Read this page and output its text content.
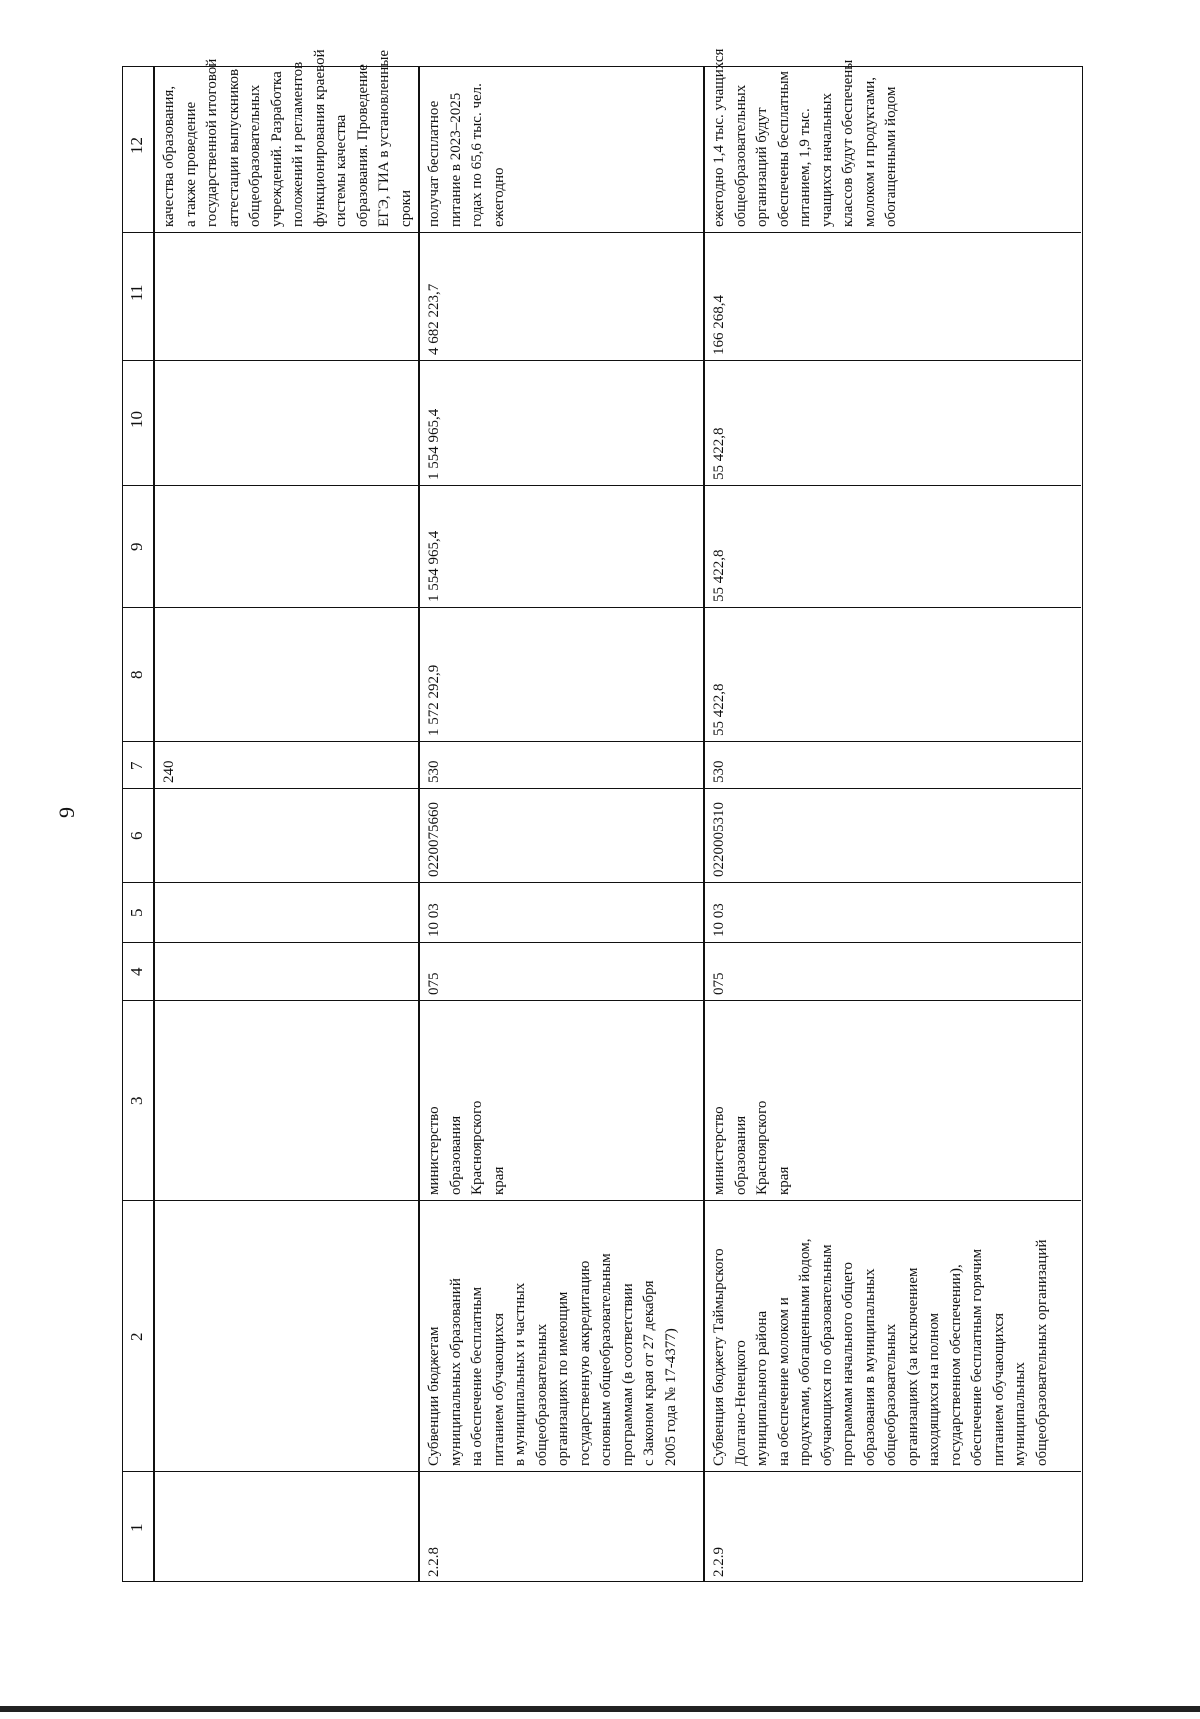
9
1
2
3
4
5
6
7
8
9
10
11
12
240
качества образования,
а также проведение
государственной итоговой
аттестации выпускников
общеобразовательных
учреждений. Разработка
положений и регламентов
функционирования краевой
системы качества
образования. Проведение
ЕГЭ, ГИА в установленные
сроки
2.2.8
Субвенции бюджетам
муниципальных образований
на обеспечение бесплатным
питанием обучающихся
в муниципальных и частных
общеобразовательных
организациях по имеющим
государственную аккредитацию
основным общеобразовательным
программам (в соответствии
с Законом края от 27 декабря
2005 года № 17-4377)
министерство
образования
Красноярского
края
075
10 03
0220075660
530
1 572 292,9
1 554 965,4
1 554 965,4
4 682 223,7
получат бесплатное
питание в 2023–2025
годах по 65,6 тыс. чел.
ежегодно
2.2.9
Субвенция бюджету Таймырского
Долгано-Ненецкого
муниципального района
на обеспечение молоком и
продуктами, обогащенными йодом,
обучающихся по образовательным
программам начального общего
образования в муниципальных
общеобразовательных
организациях (за исключением
находящихся на полном
государственном обеспечении),
обеспечение бесплатным горячим
питанием обучающихся
муниципальных
общеобразовательных организаций
министерство
образования
Красноярского
края
075
10 03
0220005310
530
55 422,8
55 422,8
55 422,8
166 268,4
ежегодно 1,4 тыс. учащихся
общеобразовательных
организаций будут
обеспечены бесплатным
питанием, 1,9 тыс.
учащихся начальных
классов будут обеспечены
молоком и продуктами,
обогащенными йодом
